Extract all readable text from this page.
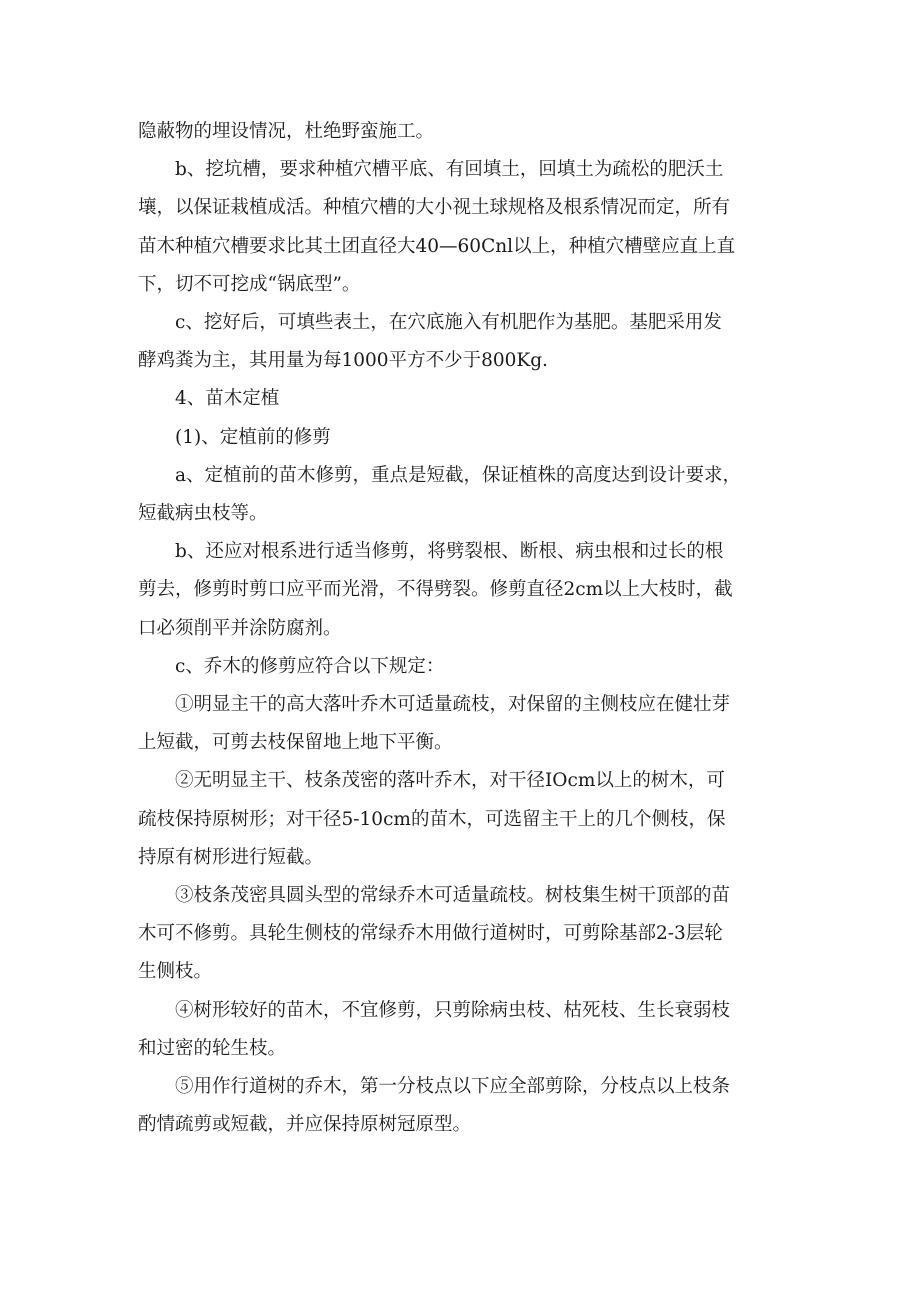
隐蔽物的埋设情况，杜绝野蛮施工。

b、挖坑槽，要求种植穴槽平底、有回填土，回填土为疏松的肥沃土
壤，以保证栽植成活。种植穴槽的大小视土球规格及根系情况而定，所有
苗木种植穴槽要求比其土团直径大40—60Cnl以上，种植穴槽壁应直上直
下，切不可挖成“锅底型”。

c、挖好后，可填些表土，在穴底施入有机肥作为基肥。基肥采用发
酵鸡粪为主，其用量为每1000平方不少于800Kg.

4、苗木定植

(1)、定植前的修剪

a、定植前的苗木修剪，重点是短截，保证植株的高度达到设计要求，
短截病虫枝等。

b、还应对根系进行适当修剪，将劈裂根、断根、病虫根和过长的根
剪去，修剪时剪口应平而光滑，不得劈裂。修剪直径2cm以上大枝时，截
口必须削平并涂防腐剂。

c、乔木的修剪应符合以下规定：

①明显主干的高大落叶乔木可适量疏枝，对保留的主侧枝应在健壮芽
上短截，可剪去枝保留地上地下平衡。

②无明显主干、枝条茂密的落叶乔木，对干径IOcm以上的树木，可
疏枝保持原树形；对干径5-10cm的苗木，可选留主干上的几个侧枝，保
持原有树形进行短截。

③枝条茂密具圆头型的常绿乔木可适量疏枝。树枝集生树干顶部的苗
木可不修剪。具轮生侧枝的常绿乔木用做行道树时，可剪除基部2-3层轮
生侧枝。

④树形较好的苗木，不宜修剪，只剪除病虫枝、枯死枝、生长衰弱枝
和过密的轮生枝。

⑤用作行道树的乔木，第一分枝点以下应全部剪除，分枝点以上枝条
酌情疏剪或短截，并应保持原树冠原型。
